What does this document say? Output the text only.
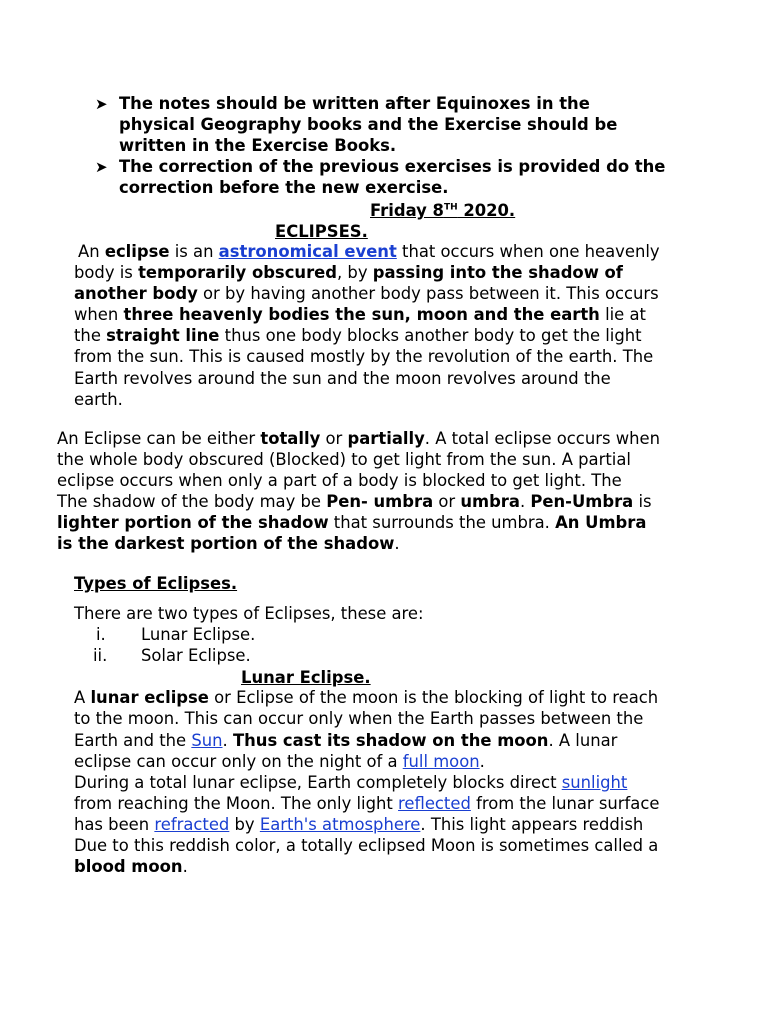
➤ The notes should be written after Equinoxes in the
physical Geography books and the Exercise should be
written in the Exercise Books.
➤ The correction of the previous exercises is provided do the
correction before the new exercise.
Friday 8TH 2020.
ECLIPSES.
An eclipse is an astronomical event that occurs when one heavenly
body is temporarily obscured, by passing into the shadow of
another body or by having another body pass between it. This occurs
when three heavenly bodies the sun, moon and the earth lie at
the straight line thus one body blocks another body to get the light
from the sun. This is caused mostly by the revolution of the earth. The
Earth revolves around the sun and the moon revolves around the
earth.
An Eclipse can be either totally or partially. A total eclipse occurs when
the whole body obscured (Blocked) to get light from the sun. A partial
eclipse occurs when only a part of a body is blocked to get light. The
The shadow of the body may be Pen- umbra or umbra. Pen-Umbra is
lighter portion of the shadow that surrounds the umbra. An Umbra
is the darkest portion of the shadow.
Types of Eclipses.
There are two types of Eclipses, these are:
i. Lunar Eclipse.
ii. Solar Eclipse.
Lunar Eclipse.
A lunar eclipse or Eclipse of the moon is the blocking of light to reach
to the moon. This can occur only when the Earth passes between the
Earth and the Sun. Thus cast its shadow on the moon. A lunar
eclipse can occur only on the night of a full moon.
During a total lunar eclipse, Earth completely blocks direct sunlight
from reaching the Moon. The only light reflected from the lunar surface
has been refracted by Earth's atmosphere. This light appears reddish
Due to this reddish color, a totally eclipsed Moon is sometimes called a
blood moon.
